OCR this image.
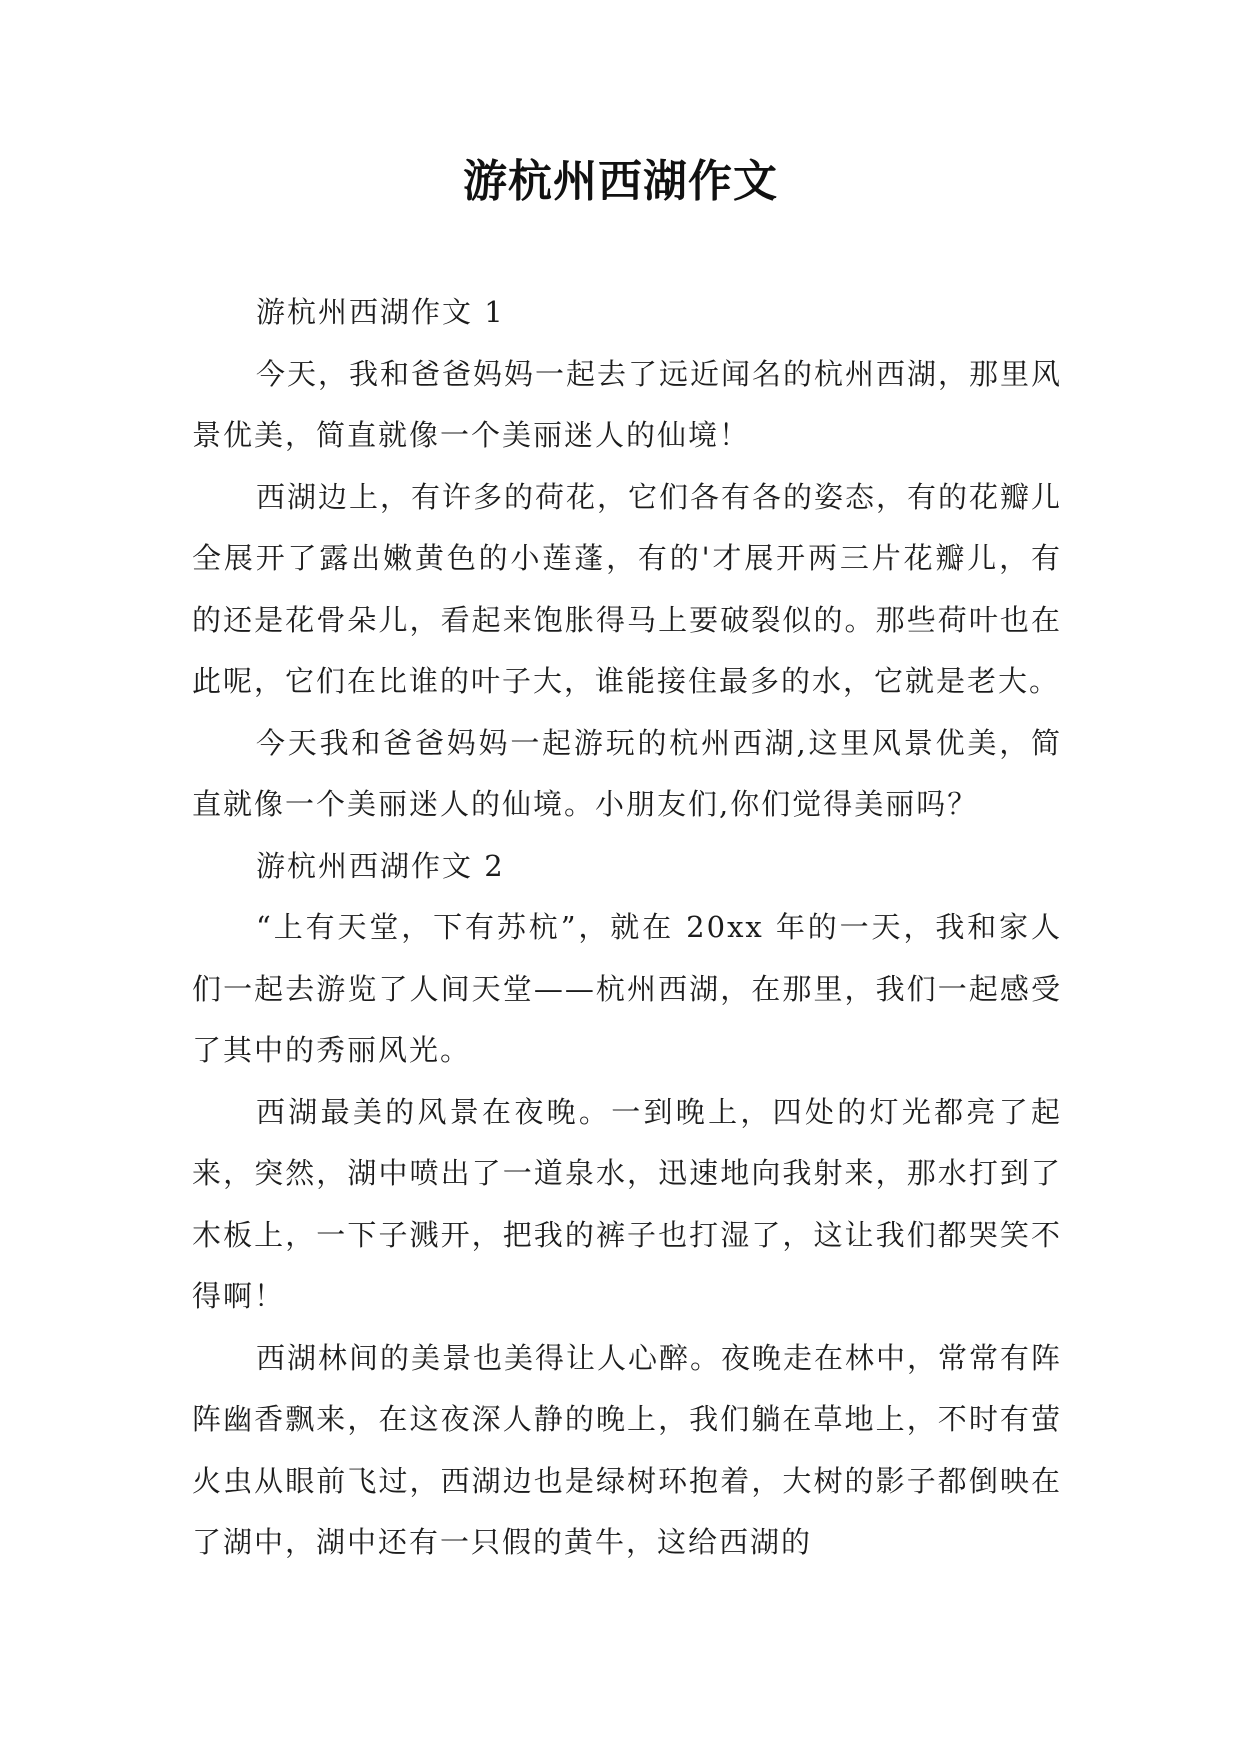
游杭州西湖作文

游杭州西湖作文 1

今天，我和爸爸妈妈一起去了远近闻名的杭州西湖，那里风景优美，简直就像一个美丽迷人的仙境！

西湖边上，有许多的荷花，它们各有各的姿态，有的花瓣儿全展开了露出嫩黄色的小莲蓬，有的'才展开两三片花瓣儿，有的还是花骨朵儿，看起来饱胀得马上要破裂似的。那些荷叶也在此呢，它们在比谁的叶子大，谁能接住最多的水，它就是老大。

今天我和爸爸妈妈一起游玩的杭州西湖,这里风景优美，简直就像一个美丽迷人的仙境。小朋友们,你们觉得美丽吗？

游杭州西湖作文 2

“上有天堂，下有苏杭”，就在 20xx 年的一天，我和家人们一起去游览了人间天堂——杭州西湖，在那里，我们一起感受了其中的秀丽风光。

西湖最美的风景在夜晚。一到晚上，四处的灯光都亮了起来，突然，湖中喷出了一道泉水，迅速地向我射来，那水打到了木板上，一下子溅开，把我的裤子也打湿了，这让我们都哭笑不得啊！

西湖林间的美景也美得让人心醉。夜晚走在林中，常常有阵阵幽香飘来，在这夜深人静的晚上，我们躺在草地上，不时有萤火虫从眼前飞过，西湖边也是绿树环抱着，大树的影子都倒映在了湖中，湖中还有一只假的黄牛，这给西湖的
